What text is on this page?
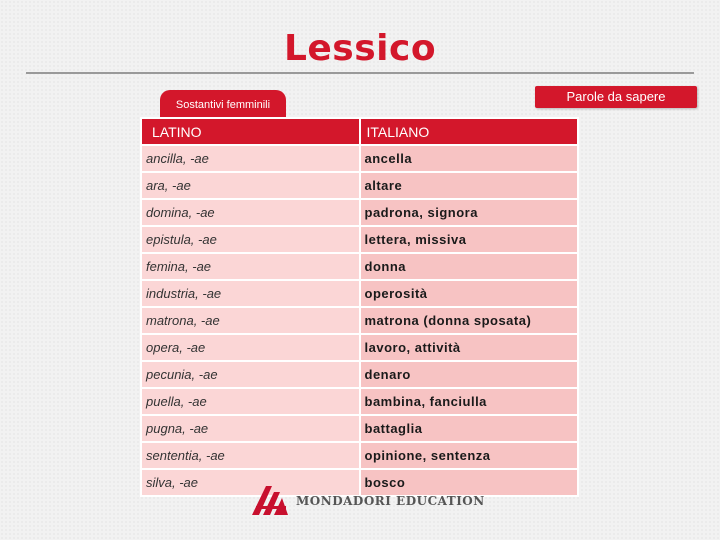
Lessico
Parole da sapere
Sostantivi femminili
LATINO	ITALIANO
ancilla, -ae	ancella
ara, -ae	altare
domina, -ae	padrona, signora
epistula, -ae	lettera, missiva
femina, -ae	donna
industria, -ae	operosità
matrona, -ae	matrona (donna sposata)
opera, -ae	lavoro, attività
pecunia, -ae	denaro
puella, -ae	bambina, fanciulla
pugna, -ae	battaglia
sententia, -ae	opinione, sentenza
silva, -ae	bosco
MONDADORI EDUCATION
